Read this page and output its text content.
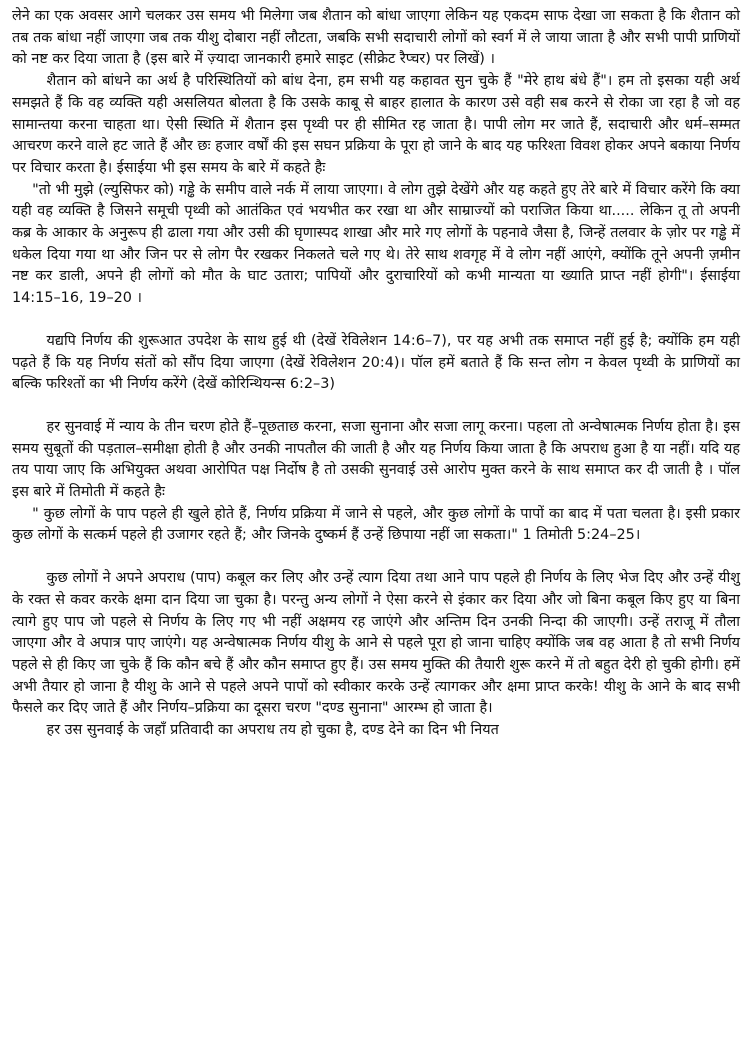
लेने का एक अवसर आगे चलकर उस समय भी मिलेगा जब शैतान को बांधा जाएगा लेकिन यह एकदम साफ देखा जा सकता है कि शैतान को तब तक बांधा नहीं जाएगा जब तक यीशु दोबारा नहीं लौटता, जबकि सभी सदाचारी लोगों को स्वर्ग में ले जाया जाता है और सभी पापी प्राणियों को नष्ट कर दिया जाता है (इस बारे में ज़्यादा जानकारी हमारे साइट (सीक्रेट रैप्चर) पर लिखें) ।

शैतान को बांधने का अर्थ है परिस्थितियों को बांध देना, हम सभी यह कहावत सुन चुके हैं "मेरे हाथ बंधे हैं"। हम तो इसका यही अर्थ समझते हैं कि वह व्यक्ति यही असलियत बोलता है कि उसके काबू से बाहर हालात के कारण उसे वही सब करने से रोका जा रहा है जो वह सामान्तया करना चाहता था। ऐसी स्थिति में शैतान इस पृथ्वी पर ही सीमित रह जाता है। पापी लोग मर जाते हैं, सदाचारी और धर्म–सम्मत आचरण करने वाले हट जाते हैं और छः हजार वर्षों की इस सघन प्रक्रिया के पूरा हो जाने के बाद यह फरिश्ता विवश होकर अपने बकाया निर्णय पर विचार करता है। ईसाईया भी इस समय के बारे में कहते हैः

"तो भी मुझे (ल्युसिफर को) गड्ढे के समीप वाले नर्क में लाया जाएगा। वे लोग तुझे देखेंगे और यह कहते हुए तेरे बारे में विचार करेंगे कि क्या यही वह व्यक्ति है जिसने समूची पृथ्वी को आतंकित एवं भयभीत कर रखा था और साम्राज्यों को पराजित किया था..... लेकिन तू तो अपनी कब्र के आकार के अनुरूप ही ढाला गया और उसी की घृणास्पद शाखा और मारे गए लोगों के पहनावे जैसा है, जिन्हें तलवार के ज़ोर पर गड्ढे में धकेल दिया गया था और जिन पर से लोग पैर रखकर निकलते चले गए थे। तेरे साथ शवगृह में वे लोग नहीं आएंगे, क्योंकि तूने अपनी ज़मीन नष्ट कर डाली, अपने ही लोगों को मौत के घाट उतारा; पापियों और दुराचारियों को कभी मान्यता या ख्याति प्राप्त नहीं होगी"। ईसाईया 14:15–16, 19–20 ।

यद्यपि निर्णय की शुरूआत उपदेश के साथ हुई थी (देखें रेविलेशन 14:6–7), पर यह अभी तक समाप्त नहीं हुई है; क्योंकि हम यही पढ़ते हैं कि यह निर्णय संतों को सौंप दिया जाएगा (देखें रेविलेशन 20:4)। पॉल हमें बताते हैं कि सन्त लोग न केवल पृथ्वी के प्राणियों का बल्कि फरिश्तों का भी निर्णय करेंगे (देखें कोरिन्थियन्स 6:2–3)

हर सुनवाई में न्याय के तीन चरण होते हैं–पूछताछ करना, सजा सुनाना और सजा लागू करना। पहला तो अन्वेषात्मक निर्णय होता है। इस समय सुबूतों की पड़ताल–समीक्षा होती है और उनकी नापतौल की जाती है और यह निर्णय किया जाता है कि अपराध हुआ है या नहीं। यदि यह तय पाया जाए कि अभियुक्त अथवा आरोपित पक्ष निर्दोष है तो उसकी सुनवाई उसे आरोप मुक्त करने के साथ समाप्त कर दी जाती है । पॉल इस बारे में तिमोती में कहते हैः

" कुछ लोगों के पाप पहले ही खुले होते हैं, निर्णय प्रक्रिया में जाने से पहले, और कुछ लोगों के पापों का बाद में पता चलता है। इसी प्रकार कुछ लोगों के सत्कर्म पहले ही उजागर रहते हैं; और जिनके दुष्कर्म हैं उन्हें छिपाया नहीं जा सकता।" 1 तिमोती 5:24–25।

कुछ लोगों ने अपने अपराध (पाप) कबूल कर लिए और उन्हें त्याग दिया तथा आने पाप पहले ही निर्णय के लिए भेज दिए और उन्हें यीशु के रक्त से कवर करके क्षमा दान दिया जा चुका है। परन्तु अन्य लोगों ने ऐसा करने से इंकार कर दिया और जो बिना कबूल किए हुए या बिना त्यागे हुए पाप जो पहले से निर्णय के लिए गए भी नहीं अक्षमय रह जाएंगे और अन्तिम दिन उनकी निन्दा की जाएगी। उन्हें तराजू में तौला जाएगा और वे अपात्र पाए जाएंगे। यह अन्वेषात्मक निर्णय यीशु के आने से पहले पूरा हो जाना चाहिए क्योंकि जब वह आता है तो सभी निर्णय पहले से ही किए जा चुके हैं कि कौन बचे हैं और कौन समाप्त हुए हैं। उस समय मुक्ति की तैयारी शुरू करने में तो बहुत देरी हो चुकी होगी। हमें अभी तैयार हो जाना है यीशु के आने से पहले अपने पापों को स्वीकार करके उन्हें त्यागकर और क्षमा प्राप्त करके! यीशु के आने के बाद सभी फैसले कर दिए जाते हैं और निर्णय–प्रक्रिया का दूसरा चरण "दण्ड सुनाना" आरम्भ हो जाता है।

हर उस सुनवाई के जहाँ प्रतिवादी का अपराध तय हो चुका है, दण्ड देने का दिन भी नियत
